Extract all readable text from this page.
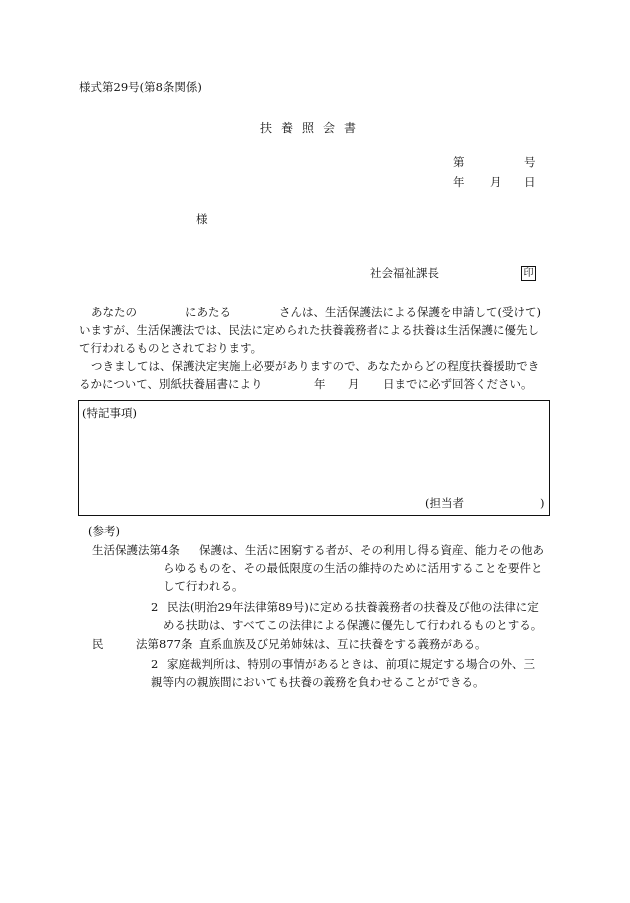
様式第29号(第8条関係)
扶養照会書
第	号
年 月 日
様
社会福祉課長	印
あなたの	にあたる	さんは、生活保護法による保護を申請して(受けて)
いますが、生活保護法では、民法に定められた扶養義務者による扶養は生活保護に優先し
て行われるものとされております。
つきましては、保護決定実施上必要がありますので、あなたからどの程度扶養援助でき
るかについて、別紙扶養届書により	年 月 日までに必ず回答ください。
(特記事項)
(担当者	)
(参考)
生活保護法第4条 保護は、生活に困窮する者が、その利用し得る資産、能力その他あ
らゆるものを、その最低限度の生活の維持のために活用することを要件と
して行われる。
2 民法(明治29年法律第89号)に定める扶養義務者の扶養及び他の法律に定
める扶助は、すべてこの法律による保護に優先して行われるものとする。
民	法第877条 直系血族及び兄弟姉妹は、互に扶養をする義務がある。
2 家庭裁判所は、特別の事情があるときは、前項に規定する場合の外、三
親等内の親族間においても扶養の義務を負わせることができる。
